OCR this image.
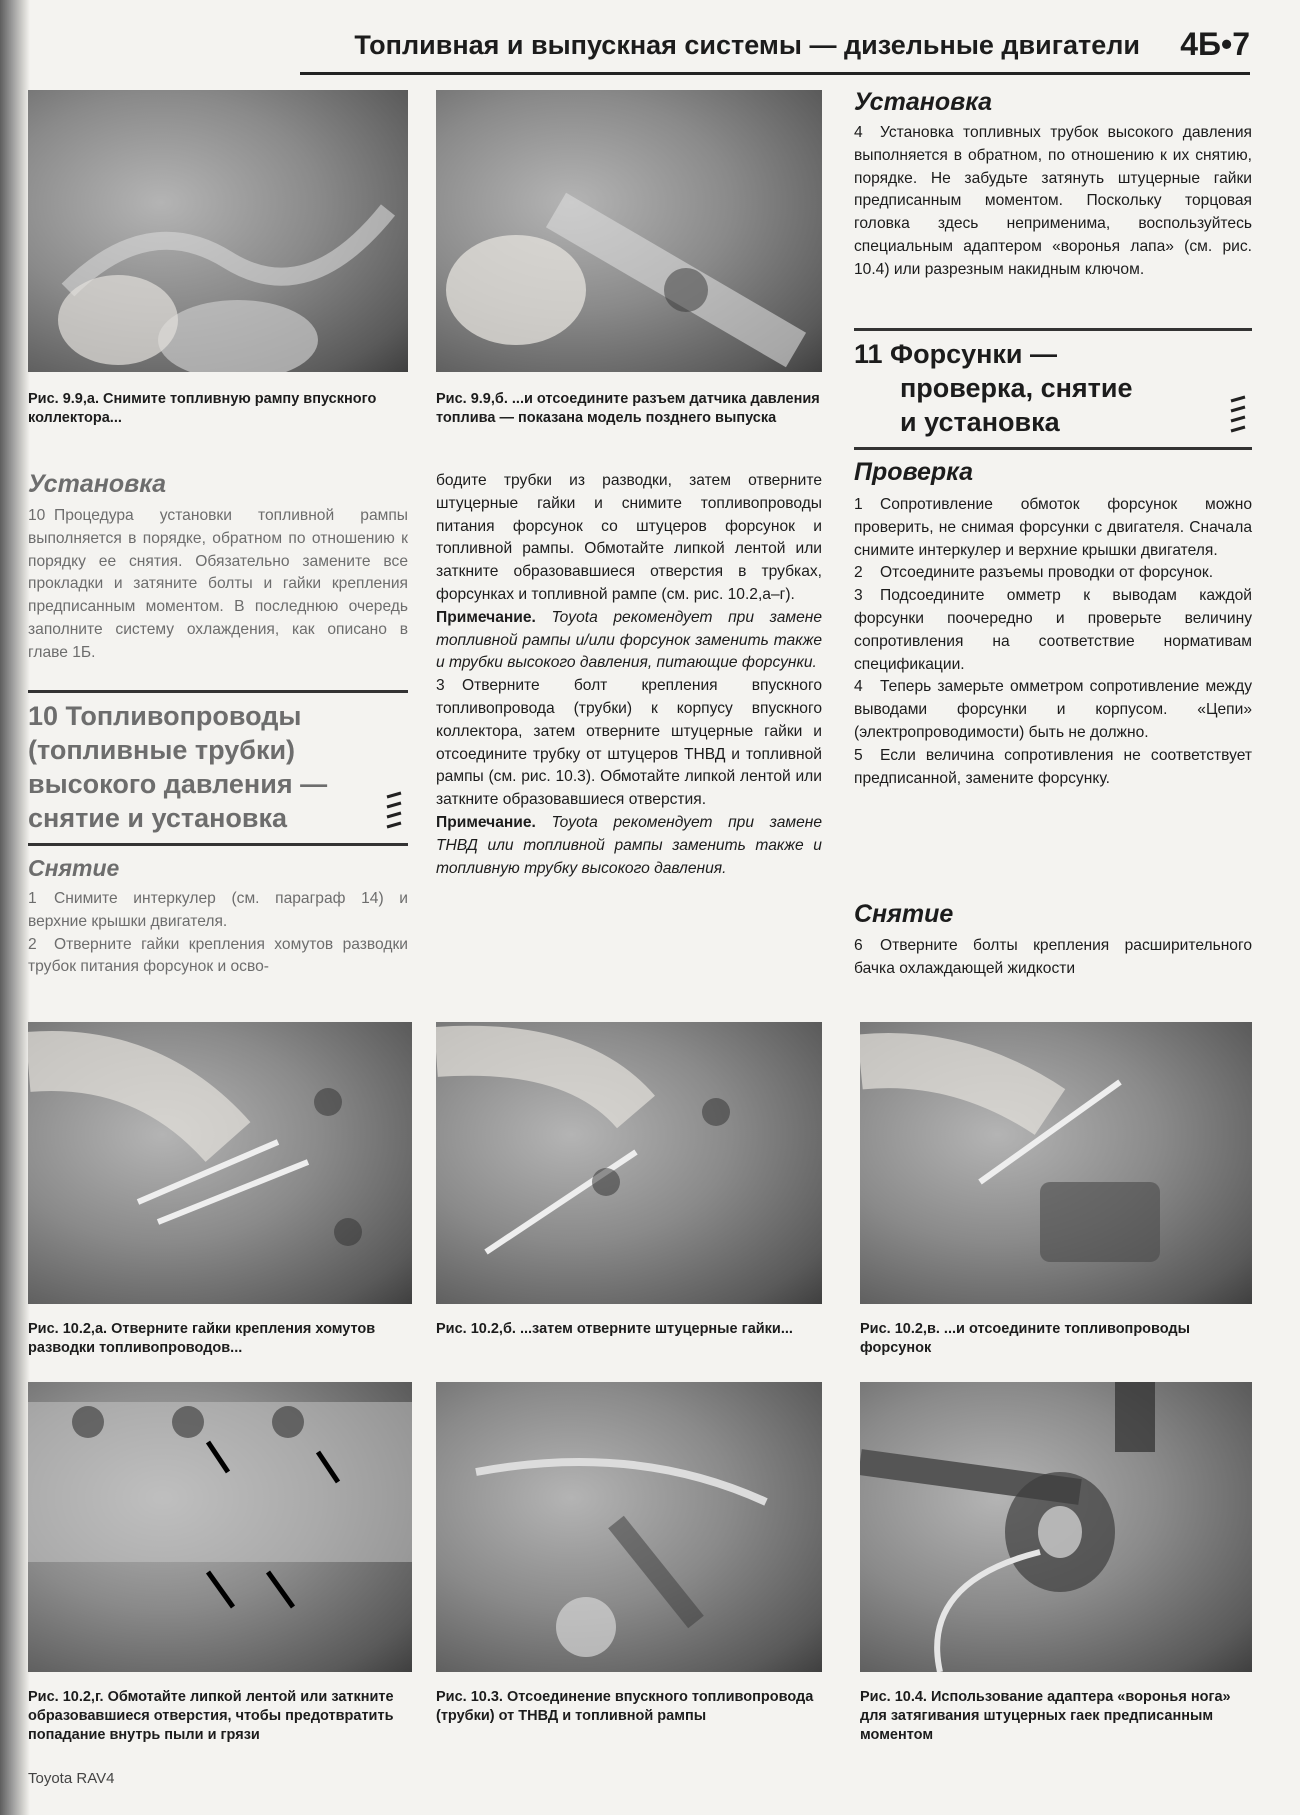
Топливная и выпускная системы — дизельные двигатели 4Б•7
Рис. 9.9,а. Снимите топливную рампу впускного коллектора...
Рис. 9.9,б. ...и отсоедините разъем датчика давления топлива — показана модель позднего выпуска
Установка

10 Процедура установки топливной рампы выполняется в порядке, обратном по отношению к порядку ее снятия. Обязательно замените все прокладки и затяните болты и гайки крепления предписанным моментом. В последнюю очередь заполните систему охлаждения, как описано в главе 1Б.

10 Топливопроводы
(топливные трубки)
высокого давления —
снятие и установка
Снятие

1 Снимите интеркулер (см. параграф 14) и верхние крышки двигателя.

2 Отверните гайки крепления хомутов разводки трубок питания форсунок и осво-

бодите трубки из разводки, затем отверните штуцерные гайки и снимите топливопроводы питания форсунок со штуцеров форсунок и топливной рампы. Обмотайте липкой лентой или заткните образовавшиеся отверстия в трубках, форсунках и топливной рампе (см. рис. 10.2,а–г).

Примечание. Toyota рекомендует при замене топливной рампы и/или форсунок заменить также и трубки высокого давления, питающие форсунки.

3 Отверните болт крепления впускного топливопровода (трубки) к корпусу впускного коллектора, затем отверните штуцерные гайки и отсоедините трубку от штуцеров ТНВД и топливной рампы (см. рис. 10.3). Обмотайте липкой лентой или заткните образовавшиеся отверстия.

Примечание. Toyota рекомендует при замене ТНВД или топливной рампы заменить также и топливную трубку высокого давления.

Установка

4 Установка топливных трубок высокого давления выполняется в обратном, по отношению к их снятию, порядке. Не забудьте затянуть штуцерные гайки предписанным моментом. Поскольку торцовая головка здесь неприменима, воспользуйтесь специальным адаптером «воронья лапа» (см. рис. 10.4) или разрезным накидным ключом.

11 Форсунки —
проверка, снятие
и установка
Проверка

1 Сопротивление обмоток форсунок можно проверить, не снимая форсунки с двигателя. Сначала снимите интеркулер и верхние крышки двигателя.

2 Отсоедините разъемы проводки от форсунок.

3 Подсоедините омметр к выводам каждой форсунки поочередно и проверьте величину сопротивления на соответствие нормативам спецификации.

4 Теперь замерьте омметром сопротивление между выводами форсунки и корпусом. «Цепи» (электропроводимости) быть не должно.

5 Если величина сопротивления не соответствует предписанной, замените форсунку.

Снятие

6 Отверните болты крепления расширительного бачка охлаждающей жидкости

Рис. 10.2,а. Отверните гайки крепления хомутов разводки топливопроводов...
Рис. 10.2,б. ...затем отверните штуцерные гайки...	Рис. 10.2,в. ...и отсоедините топливопроводы форсунок
Рис. 10.2,г. Обмотайте липкой лентой или заткните образовавшиеся отверстия, чтобы предотвратить попадание внутрь пыли и грязи
Рис. 10.3. Отсоединение впускного топливопровода (трубки) от ТНВД и топливной рампы
Рис. 10.4. Использование адаптера «воронья нога» для затягивания штуцерных гаек предписанным моментом
Toyota RAV4
